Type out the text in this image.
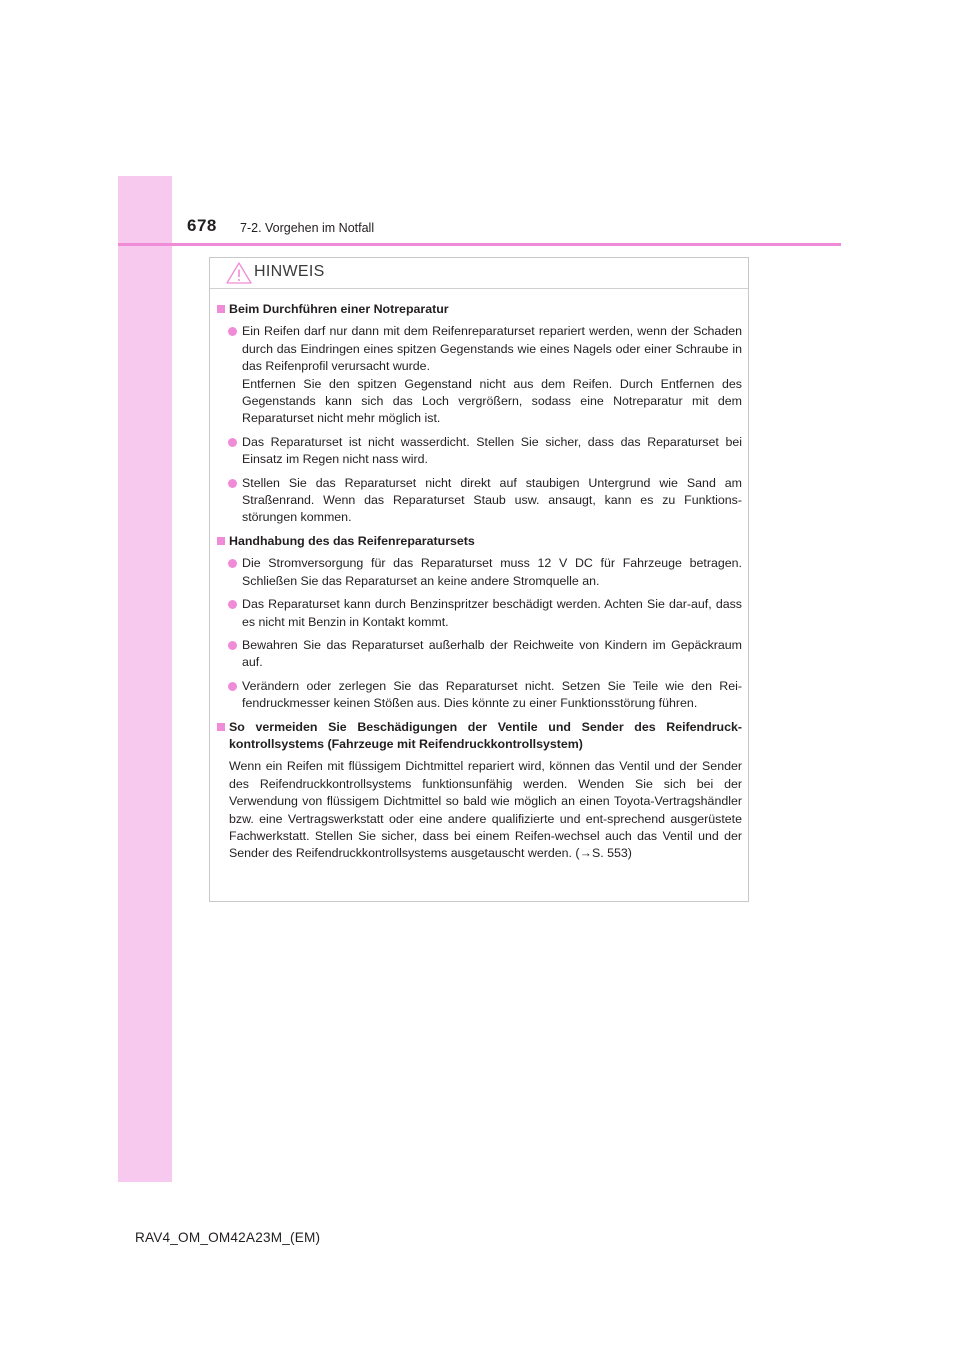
678 7-2. Vorgehen im Notfall
HINWEIS
Beim Durchführen einer Notreparatur
Ein Reifen darf nur dann mit dem Reifenreparaturset repariert werden, wenn der Schaden durch das Eindringen eines spitzen Gegenstands wie eines Nagels oder einer Schraube in das Reifenprofil verursacht wurde.
Entfernen Sie den spitzen Gegenstand nicht aus dem Reifen. Durch Entfernen des Gegenstands kann sich das Loch vergrößern, sodass eine Notreparatur mit dem Reparaturset nicht mehr möglich ist.
Das Reparaturset ist nicht wasserdicht. Stellen Sie sicher, dass das Reparaturset bei Einsatz im Regen nicht nass wird.
Stellen Sie das Reparaturset nicht direkt auf staubigen Untergrund wie Sand am Straßenrand. Wenn das Reparaturset Staub usw. ansaugt, kann es zu Funktions-störungen kommen.
Handhabung des das Reifenreparatursets
Die Stromversorgung für das Reparaturset muss 12 V DC für Fahrzeuge betragen. Schließen Sie das Reparaturset an keine andere Stromquelle an.
Das Reparaturset kann durch Benzinspritzer beschädigt werden. Achten Sie dar-auf, dass es nicht mit Benzin in Kontakt kommt.
Bewahren Sie das Reparaturset außerhalb der Reichweite von Kindern im Gepäckraum auf.
Verändern oder zerlegen Sie das Reparaturset nicht. Setzen Sie Teile wie den Rei-fendruckmesser keinen Stößen aus. Dies könnte zu einer Funktionsstörung führen.
So vermeiden Sie Beschädigungen der Ventile und Sender des Reifendruck-kontrollsystems (Fahrzeuge mit Reifendruckkontrollsystem)
Wenn ein Reifen mit flüssigem Dichtmittel repariert wird, können das Ventil und der Sender des Reifendruckkontrollsystems funktionsunfähig werden. Wenden Sie sich bei der Verwendung von flüssigem Dichtmittel so bald wie möglich an einen Toyota-Vertragshändler bzw. eine Vertragswerkstatt oder eine andere qualifizierte und ent-sprechend ausgerüstete Fachwerkstatt. Stellen Sie sicher, dass bei einem Reifen-wechsel auch das Ventil und der Sender des Reifendruckkontrollsystems ausgetauscht werden. (→S. 553)
RAV4_OM_OM42A23M_(EM)
